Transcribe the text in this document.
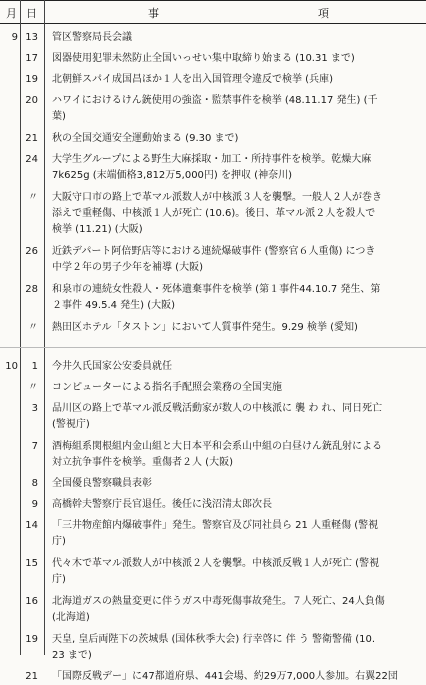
月 日	事	項
9 13 管区警察局長会議
17 図器使用犯罪未然防止全国いっせい集中取締り始まる (10.31 まで)
19 北朝鮮スパイ成国昌ほか１人を出入国管理令違反で検挙 (兵庫)
20 ハワイにおけるけん銃使用の強盗・監禁事件を検挙 (48.11.17 発生) (千
葉)
21 秋の全国交通安全運動始まる (9.30 まで)
24 大学生グループによる野生大麻採取・加工・所持事件を検挙。乾燥大麻
7k625g (末端価格3,812万5,000円) を押収 (神奈川)
〃 大阪守口市の路上で革マル派数人が中核派３人を襲撃。一般人２人が巻き
添えで重軽傷、中核派１人が死亡 (10.6)。後日、革マル派２人を殺人で
検挙 (11.21) (大阪)
26 近鉄デパート阿倍野店等における連続爆破事件 (警察官６人重傷) につき
中学２年の男子少年を補導 (大阪)
28 和泉市の連続女性殺人・死体遺棄事件を検挙 (第１事件44.10.7 発生、第
２事件 49.5.4 発生) (大阪)
〃 熱田区ホテル「タストン」において人質事件発生。9.29 検挙 (愛知)
10	1 今井久氏国家公安委員就任
〃 コンピューターによる指名手配照会業務の全国実施
3 品川区の路上で革マル派反戦活動家が数人の中核派に 襲 わ れ、同日死亡
(警視庁)
7 酒梅組系関根組内金山組と大日本平和会系山中組の白昼けん銃乱射による
対立抗争事件を検挙。重傷者２人 (大阪)
8 全国優良警察職員表彰
9 高橋幹夫警察庁長官退任。後任に浅沼清太郎次長
14 「三井物産館内爆破事件」発生。警察官及び同社員ら 21 人重軽傷 (警視
庁)
15 代々木で革マル派数人が中核派２人を襲撃。中核派反戦１人が死亡 (警視
庁)
16 北海道ガスの熱量変更に伴うガス中毒死傷事故発生。７人死亡、24人負傷
(北海道)
19 天皇, 皇后両陛下の茨城県 (国体秋季大会) 行幸啓に 伴 う 警衛警備 (10.
23 まで)
21 「国際反戦デー」に47都道府県、441会場、約29万7,000人参加。右翼22団
